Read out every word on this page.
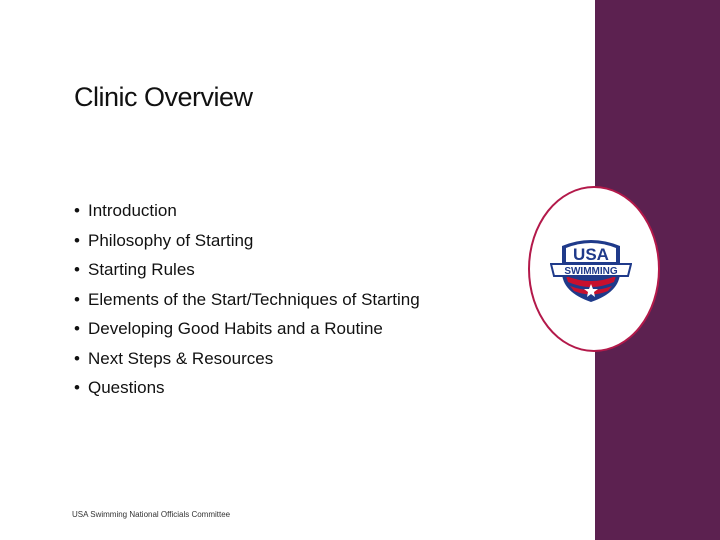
Clinic Overview
• Introduction
• Philosophy of Starting
• Starting Rules
• Elements of the Start/Techniques of Starting
• Developing Good Habits and a Routine
• Next Steps & Resources
• Questions
USA Swimming National Officials Committee
USA
SWIMMING
